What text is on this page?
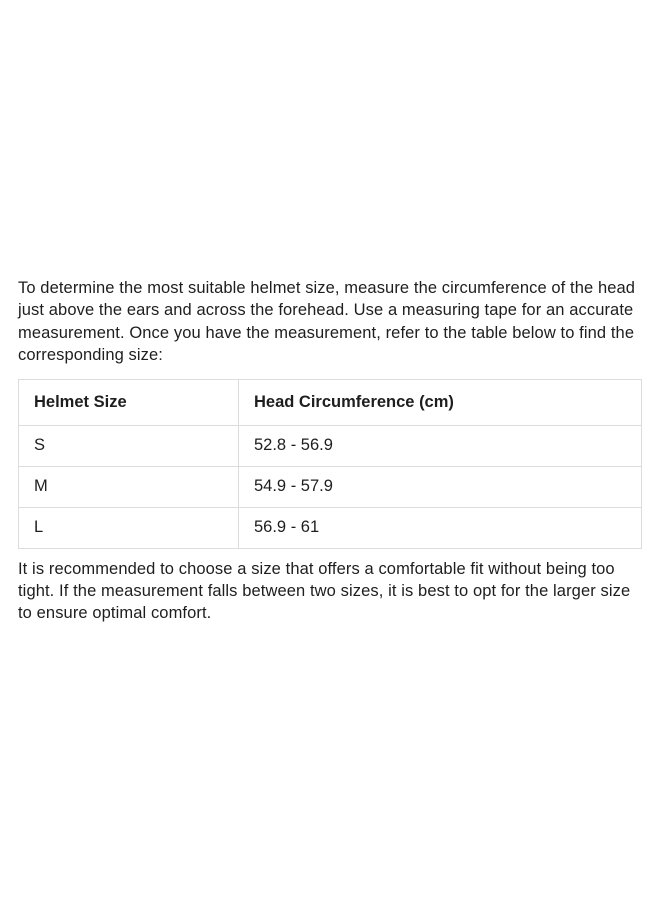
To determine the most suitable helmet size, measure the circumference of the head just above the ears and across the forehead. Use a measuring tape for an accurate measurement. Once you have the measurement, refer to the table below to find the corresponding size:

Helmet Size	Head Circumference (cm)
S	52.8 - 56.9
M	54.9 - 57.9
L	56.9 - 61

It is recommended to choose a size that offers a comfortable fit without being too tight. If the measurement falls between two sizes, it is best to opt for the larger size to ensure optimal comfort.
